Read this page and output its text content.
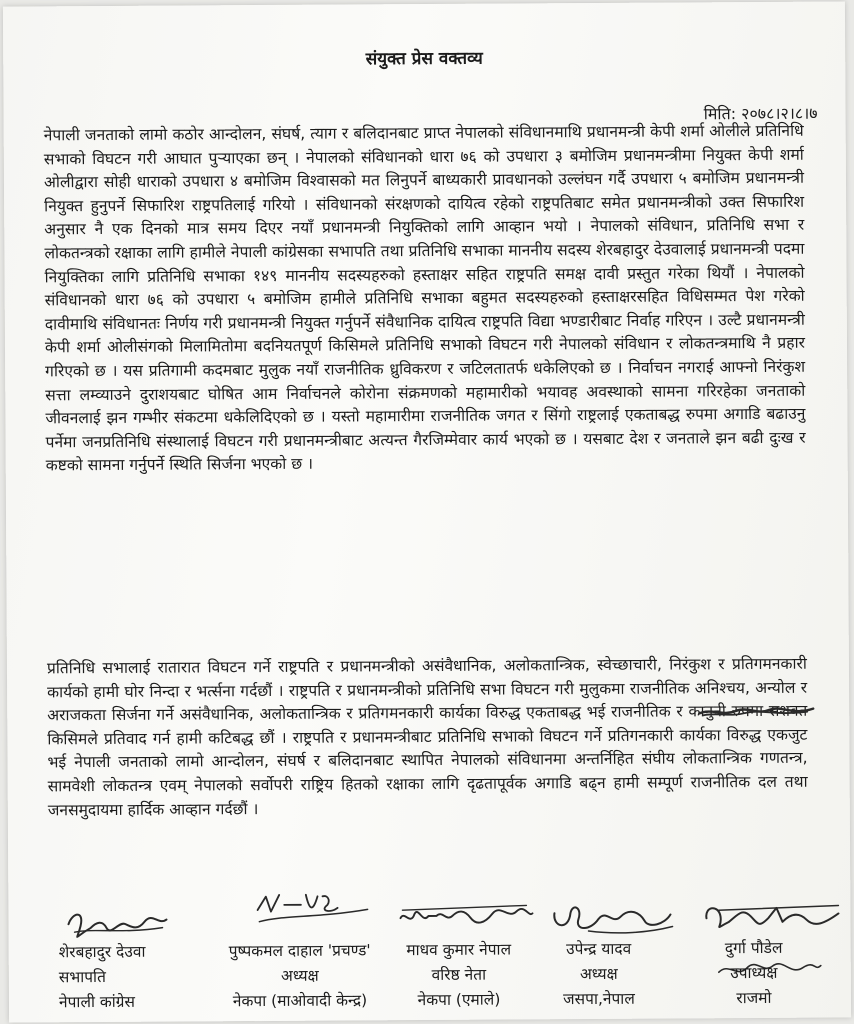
संयुक्त प्रेस वक्तव्य
मिति: २०७८।२।८।७

नेपाली जनताको लामो कठोर आन्दोलन, संघर्ष, त्याग र बलिदानबाट प्राप्त नेपालको संविधानमाथि प्रधानमन्त्री केपी शर्मा ओलीले प्रतिनिधि सभाको विघटन गरी आघात पुर्‍याएका छन् । नेपालको संविधानको धारा ७६ को उपधारा ३ बमोजिम प्रधानमन्त्रीमा नियुक्त केपी शर्मा ओलीद्वारा सोही धाराको उपधारा ४ बमोजिम विश्वासको मत लिनुपर्ने बाध्यकारी प्रावधानको उल्लंघन गर्दै उपधारा ५ बमोजिम प्रधानमन्त्री नियुक्त हुनुपर्ने सिफारिश राष्ट्रपतिलाई गरियो । संविधानको संरक्षणको दायित्व रहेको राष्ट्रपतिबाट समेत प्रधानमन्त्रीको उक्त सिफारिश अनुसार नै एक दिनको मात्र समय दिएर नयाँ प्रधानमन्त्री नियुक्तिको लागि आव्हान भयो । नेपालको संविधान, प्रतिनिधि सभा र लोकतन्त्रको रक्षाका लागि हामीले नेपाली कांग्रेसका सभापति तथा प्रतिनिधि सभाका माननीय सदस्य शेरबहादुर देउवालाई प्रधानमन्त्री पदमा नियुक्तिका लागि प्रतिनिधि सभाका १४९ माननीय सदस्यहरुको हस्ताक्षर सहित राष्ट्रपति समक्ष दावी प्रस्तुत गरेका थियौं । नेपालको संविधानको धारा ७६ को उपधारा ५ बमोजिम हामीले प्रतिनिधि सभाका बहुमत सदस्यहरुको हस्ताक्षरसहित विधिसम्मत पेश गरेको दावीमाथि संविधानतः निर्णय गरी प्रधानमन्त्री नियुक्त गर्नुपर्ने संवैधानिक दायित्व राष्ट्रपति विद्या भण्डारीबाट निर्वाह गरिएन । उल्टै प्रधानमन्त्री केपी शर्मा ओलीसंगको मिलामितोमा बदनियतपूर्ण किसिमले प्रतिनिधि सभाको विघटन गरी नेपालको संविधान र लोकतन्त्रमाथि नै प्रहार गरिएको छ । यस प्रतिगामी कदमबाट मुलुक नयाँ राजनीतिक ध्रुविकरण र जटिलतातर्फ धकेलिएको छ । निर्वाचन नगराई आफ्नो निरंकुश सत्ता लम्व्याउने दुराशयबाट घोषित आम निर्वाचनले कोरोना संक्रमणको महामारीको भयावह अवस्थाको सामना गरिरहेका जनताको जीवनलाई झन गम्भीर संकटमा धकेलिदिएको छ । यस्तो महामारीमा राजनीतिक जगत र सिंगो राष्ट्रलाई एकताबद्ध रुपमा अगाडि बढाउनु पर्नेमा जनप्रतिनिधि संस्थालाई विघटन गरी प्रधानमन्त्रीबाट अत्यन्त गैरजिम्मेवार कार्य भएको छ । यसबाट देश र जनताले झन बढी दुःख र कष्टको सामना गर्नुपर्ने स्थिति सिर्जना भएको छ ।

प्रतिनिधि सभालाई रातारात विघटन गर्ने राष्ट्रपति र प्रधानमन्त्रीको असंवैधानिक, अलोकतान्त्रिक, स्वेच्छाचारी, निरंकुश र प्रतिगमनकारी कार्यको हामी घोर निन्दा र भर्त्सना गर्दछौं । राष्ट्रपति र प्रधानमन्त्रीको प्रतिनिधि सभा विघटन गरी मुलुकमा राजनीतिक अनिश्चय, अन्योल र अराजकता सिर्जना गर्ने असंवैधानिक, अलोकतान्त्रिक र प्रतिगमनकारी कार्यका विरुद्ध एकताबद्ध भई राजनीतिक र कानुनी रुपमा सशक्त किसिमले प्रतिवाद गर्न हामी कटिबद्ध छौं । राष्ट्रपति र प्रधानमन्त्रीबाट प्रतिनिधि सभाको विघटन गर्ने प्रतिगनकारी कार्यका विरुद्ध एकजुट भई नेपाली जनताको लामो आन्दोलन, संघर्ष र बलिदानबाट स्थापित नेपालको संविधानमा अन्तर्निहित संघीय लोकतान्त्रिक गणतन्त्र, सामवेशी लोकतन्त्र एवम् नेपालको सर्वोपरी राष्ट्रिय हितको रक्षाका लागि दृढतापूर्वक अगाडि बढ्न हामी सम्पूर्ण राजनीतिक दल तथा जनसमुदायमा हार्दिक आव्हान गर्दछौं ।

शेरबहादुर देउवा
सभापति
नेपाली कांग्रेस
पुष्पकमल दाहाल 'प्रचण्ड'
अध्यक्ष
नेकपा (माओवादी केन्द्र)
माधव कुमार नेपाल
वरिष्ठ नेता
नेकपा (एमाले)
उपेन्द्र यादव
अध्यक्ष
जसपा,नेपाल
दुर्गा पौडेल
उपाध्यक्ष
राजमो
